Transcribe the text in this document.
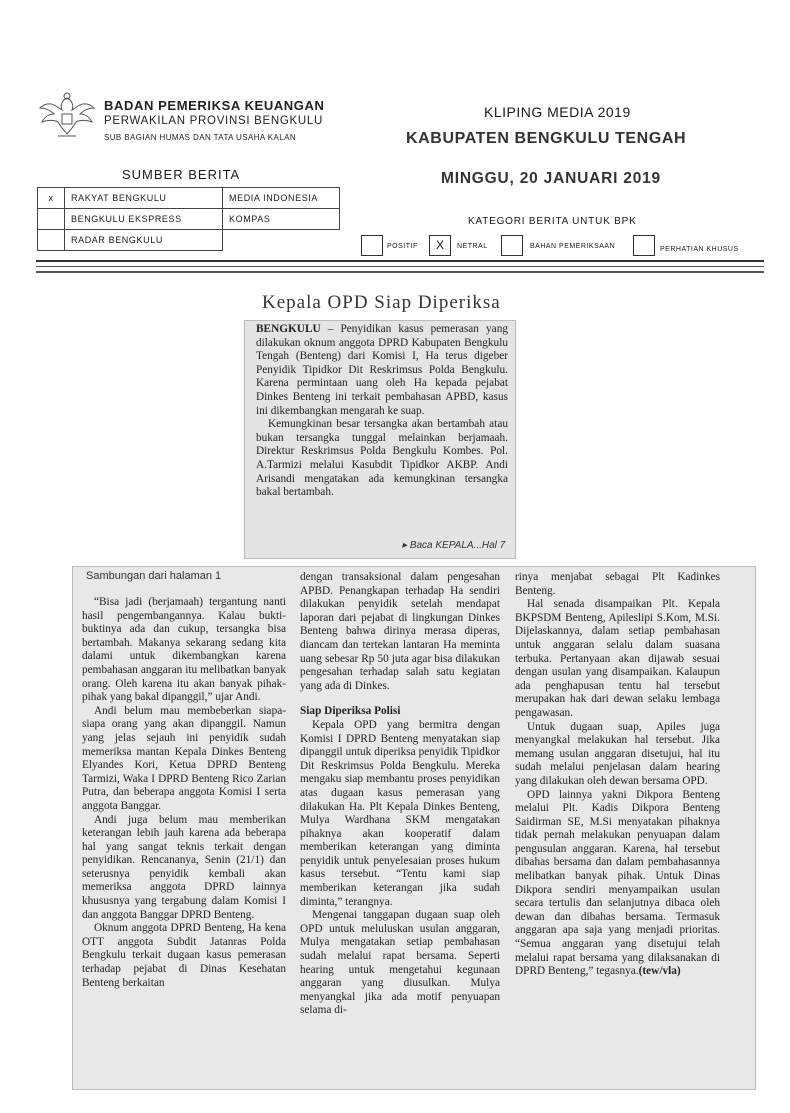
BADAN PEMERIKSA KEUANGAN
PERWAKILAN PROVINSI BENGKULU
SUB BAGIAN HUMAS DAN TATA USAHA KALAN
KLIPING MEDIA 2019
KABUPATEN BENGKULU TENGAH
MINGGU, 20 JANUARI 2019
SUMBER BERITA
x	RAKYAT BENGKULU	MEDIA INDONESIA
	BENGKULU EKSPRESS	KOMPAS
	RADAR BENGKULU	
KATEGORI BERITA UNTUK BPK
POSITIF	X	NETRAL	BAHAN PEMERIKSAAN	PERHATIAN KHUSUS
Kepala OPD Siap Diperiksa

BENGKULU – Penyidikan kasus pemerasan yang dilakukan oknum anggota DPRD Kabupaten Bengkulu Tengah (Benteng) dari Komisi I, Ha terus digeber Penyidik Tipidkor Dit Reskrimsus Polda Bengkulu. Karena permintaan uang oleh Ha kepada pejabat Dinkes Benteng ini terkait pembahasan APBD, kasus ini dikembangkan mengarah ke suap.

Kemungkinan besar tersangka akan bertambah atau bukan tersangka tunggal melainkan berjamaah. Direktur Reskrimsus Polda Bengkulu Kombes. Pol. A.Tarmizi melalui Kasubdit Tipidkor AKBP. Andi Arisandi mengatakan ada kemungkinan tersangka bakal bertambah.

▸ Baca KEPALA...Hal 7
Sambungan dari halaman 1

“Bisa jadi (berjamaah) tergantung nanti hasil pengembangannya. Kalau bukti-buktinya ada dan cukup, tersangka bisa bertambah. Makanya sekarang sedang kita dalami untuk dikembangkan karena pembahasan anggaran itu melibatkan banyak orang. Oleh karena itu akan banyak pihak-pihak yang bakal dipanggil,” ujar Andi.

Andi belum mau membeberkan siapa-siapa orang yang akan dipanggil. Namun yang jelas sejauh ini penyidik sudah memeriksa mantan Kepala Dinkes Benteng Elyandes Kori, Ketua DPRD Benteng Tarmizi, Waka I DPRD Benteng Rico Zarian Putra, dan beberapa anggota Komisi I serta anggota Banggar.

Andi juga belum mau memberikan keterangan lebih jauh karena ada beberapa hal yang sangat teknis terkait dengan penyidikan. Rencananya, Senin (21/1) dan seterusnya penyidik kembali akan memeriksa anggota DPRD lainnya khususnya yang tergabung dalam Komisi I dan anggota Banggar DPRD Benteng.

Oknum anggota DPRD Benteng, Ha kena OTT anggota Subdit Jatanras Polda Bengkulu terkait dugaan kasus pemerasan terhadap pejabat di Dinas Kesehatan Benteng berkaitan

dengan transaksional dalam pengesahan APBD. Penangkapan terhadap Ha sendiri dilakukan penyidik setelah mendapat laporan dari pejabat di lingkungan Dinkes Benteng bahwa dirinya merasa diperas, diancam dan tertekan lantaran Ha meminta uang sebesar Rp 50 juta agar bisa dilakukan pengesahan terhadap salah satu kegiatan yang ada di Dinkes.

Siap Diperiksa Polisi

Kepala OPD yang bermitra dengan Komisi I DPRD Benteng menyatakan siap dipanggil untuk diperiksa penyidik Tipidkor Dit Reskrimsus Polda Bengkulu. Mereka mengaku siap membantu proses penyidikan atas dugaan kasus pemerasan yang dilakukan Ha. Plt Kepala Dinkes Benteng, Mulya Wardhana SKM mengatakan pihaknya akan kooperatif dalam memberikan keterangan yang diminta penyidik untuk penyelesaian proses hukum kasus tersebut. “Tentu kami siap memberikan keterangan jika sudah diminta,” terangnya.

Mengenai tanggapan dugaan suap oleh OPD untuk meluluskan usulan anggaran, Mulya mengatakan setiap pembahasan sudah melalui rapat bersama. Seperti hearing untuk mengetahui kegunaan anggaran yang diusulkan. Mulya menyangkal jika ada motif penyuapan selama di-

rinya menjabat sebagai Plt Kadinkes Benteng.

Hal senada disampaikan Plt. Kepala BKPSDM Benteng, Apileslipi S.Kom, M.Si. Dijelaskannya, dalam setiap pembahasan untuk anggaran selalu dalam suasana terbuka. Pertanyaan akan dijawab sesuai dengan usulan yang disampaikan. Kalaupun ada penghapusan tentu hal tersebut merupakan hak dari dewan selaku lembaga pengawasan.

Untuk dugaan suap, Apiles juga menyangkal melakukan hal tersebut. Jika memang usulan anggaran disetujui, hal itu sudah melalui penjelasan dalam hearing yang dilakukan oleh dewan bersama OPD.

OPD lainnya yakni Dikpora Benteng melalui Plt. Kadis Dikpora Benteng Saidirman SE, M.Si menyatakan pihaknya tidak pernah melakukan penyuapan dalam pengusulan anggaran. Karena, hal tersebut dibahas bersama dan dalam pembahasannya melibatkan banyak pihak. Untuk Dinas Dikpora sendiri menyampaikan usulan secara tertulis dan selanjutnya dibaca oleh dewan dan dibahas bersama. Termasuk anggaran apa saja yang menjadi prioritas. “Semua anggaran yang disetujui telah melalui rapat bersama yang dilaksanakan di DPRD Benteng,” tegasnya.(tew/vla)
